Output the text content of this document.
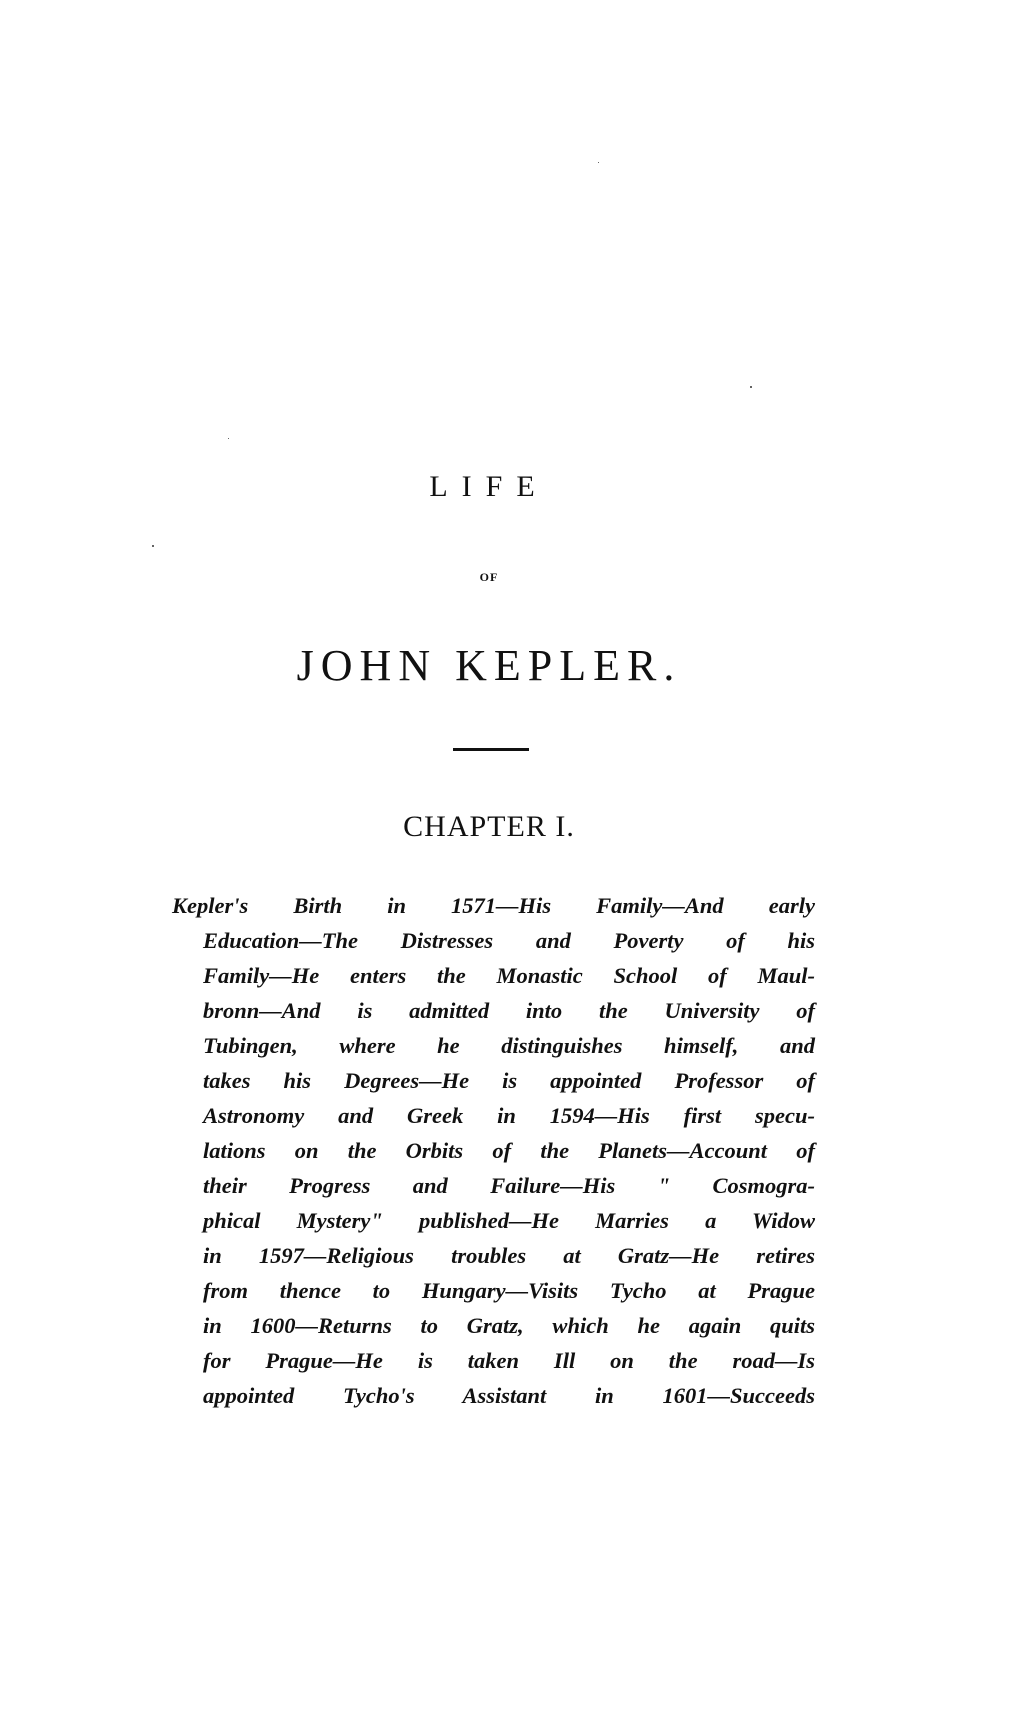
LIFE
OF
JOHN KEPLER.
CHAPTER I.
Kepler's Birth in 1571—His Family—And early
Education—The Distresses and Poverty of his
Family—He enters the Monastic School of Maul-
bronn—And is admitted into the University of
Tubingen, where he distinguishes himself, and
takes his Degrees—He is appointed Professor of
Astronomy and Greek in 1594—His first specu-
lations on the Orbits of the Planets—Account of
their Progress and Failure—His " Cosmogra-
phical Mystery" published—He Marries a Widow
in 1597—Religious troubles at Gratz—He retires
from thence to Hungary—Visits Tycho at Prague
in 1600—Returns to Gratz, which he again quits
for Prague—He is taken Ill on the road—Is
appointed Tycho's Assistant in 1601—Succeeds
